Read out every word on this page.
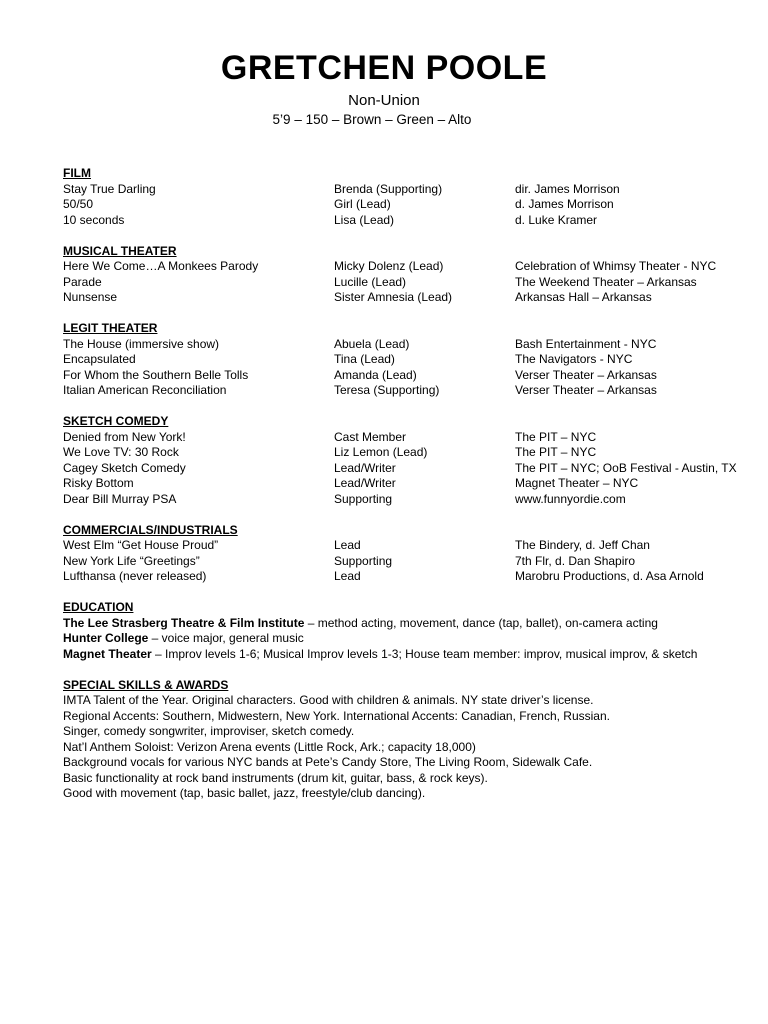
GRETCHEN POOLE
Non-Union
5’9 – 150 – Brown – Green – Alto
FILM
Stay True Darling	Brenda (Supporting)	dir. James Morrison
50/50	Girl (Lead)	d. James Morrison
10 seconds	Lisa (Lead)	d. Luke Kramer
MUSICAL THEATER
Here We Come…A Monkees Parody	Micky Dolenz (Lead)	Celebration of Whimsy Theater - NYC
Parade	Lucille (Lead)	The Weekend Theater – Arkansas
Nunsense	Sister Amnesia (Lead)	Arkansas Hall – Arkansas
LEGIT THEATER
The House (immersive show)	Abuela (Lead)	Bash Entertainment - NYC
Encapsulated	Tina (Lead)	The Navigators - NYC
For Whom the Southern Belle Tolls	Amanda (Lead)	Verser Theater – Arkansas
Italian American Reconciliation	Teresa (Supporting)	Verser Theater – Arkansas
SKETCH COMEDY
Denied from New York!	Cast Member	The PIT – NYC
We Love TV: 30 Rock	Liz Lemon (Lead)	The PIT – NYC
Cagey Sketch Comedy	Lead/Writer	The PIT – NYC; OoB Festival - Austin, TX
Risky Bottom	Lead/Writer	Magnet Theater – NYC
Dear Bill Murray PSA	Supporting	www.funnyordie.com
COMMERCIALS/INDUSTRIALS
West Elm “Get House Proud”	Lead	The Bindery, d. Jeff Chan
New York Life “Greetings”	Supporting	7th Flr, d. Dan Shapiro
Lufthansa (never released)	Lead	Marobru Productions, d. Asa Arnold
EDUCATION
The Lee Strasberg Theatre & Film Institute – method acting, movement, dance (tap, ballet), on-camera acting
Hunter College – voice major, general music
Magnet Theater – Improv levels 1-6; Musical Improv levels 1-3; House team member: improv, musical improv, & sketch
SPECIAL SKILLS & AWARDS
IMTA Talent of the Year. Original characters. Good with children & animals. NY state driver’s license.
Regional Accents: Southern, Midwestern, New York. International Accents: Canadian, French, Russian.
Singer, comedy songwriter, improviser, sketch comedy.
Nat’l Anthem Soloist: Verizon Arena events (Little Rock, Ark.; capacity 18,000)
Background vocals for various NYC bands at Pete’s Candy Store, The Living Room, Sidewalk Cafe.
Basic functionality at rock band instruments (drum kit, guitar, bass, & rock keys).
Good with movement (tap, basic ballet, jazz, freestyle/club dancing).
